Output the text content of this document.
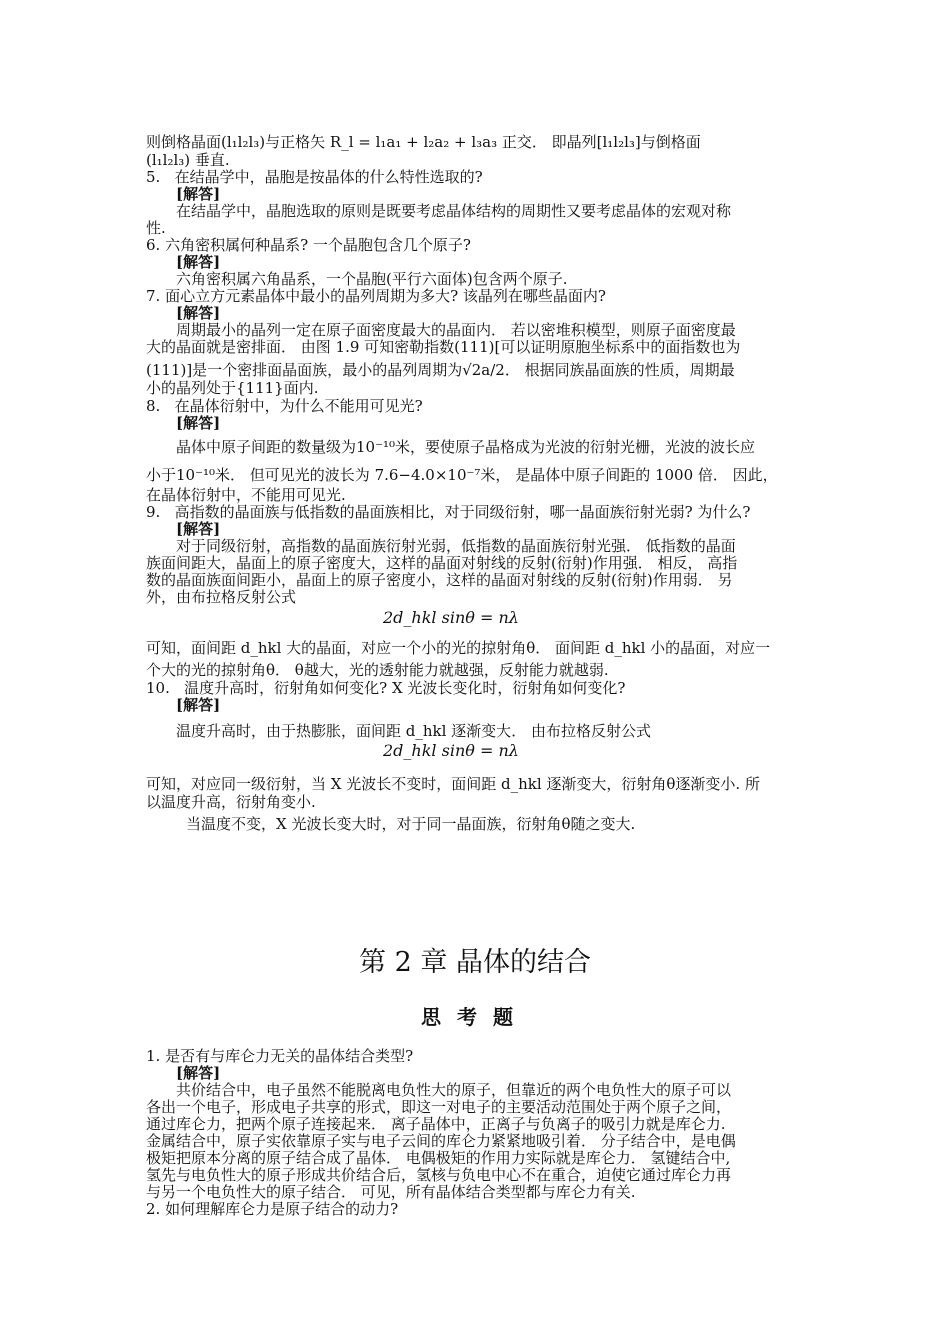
则倒格晶面(l₁l₂l₃)与正格矢 R_l = l₁a₁ + l₂a₂ + l₃a₃ 正交． 即晶列[l₁l₂l₃]与倒格面
(l₁l₂l₃) 垂直.
5.   在结晶学中，晶胞是按晶体的什么特性选取的?
[解答]
在结晶学中，晶胞选取的原则是既要考虑晶体结构的周期性又要考虑晶体的宏观对称
性.
6. 六角密积属何种晶系? 一个晶胞包含几个原子?
[解答]
六角密积属六角晶系，一个晶胞(平行六面体)包含两个原子.
7. 面心立方元素晶体中最小的晶列周期为多大? 该晶列在哪些晶面内?
[解答]
周期最小的晶列一定在原子面密度最大的晶面内． 若以密堆积模型，则原子面密度最
大的晶面就是密排面． 由图 1.9 可知密勒指数(111)[可以证明原胞坐标系中的面指数也为
(111)]是一个密排面晶面族，最小的晶列周期为√2a/2． 根据同族晶面族的性质，周期最
小的晶列处于{111}面内.
8.   在晶体衍射中，为什么不能用可见光?
[解答]
晶体中原子间距的数量级为10⁻¹⁰米，要使原子晶格成为光波的衍射光栅，光波的波长应
小于10⁻¹⁰米． 但可见光的波长为 7.6−4.0×10⁻⁷米， 是晶体中原子间距的 1000 倍． 因此，
在晶体衍射中，不能用可见光.
9.   高指数的晶面族与低指数的晶面族相比，对于同级衍射，哪一晶面族衍射光弱? 为什么?
[解答]
对于同级衍射，高指数的晶面族衍射光弱，低指数的晶面族衍射光强． 低指数的晶面
族面间距大，晶面上的原子密度大，这样的晶面对射线的反射(衍射)作用强． 相反， 高指
数的晶面族面间距小，晶面上的原子密度小，这样的晶面对射线的反射(衍射)作用弱． 另
外，由布拉格反射公式
2d_hkl sinθ = nλ
可知，面间距 d_hkl 大的晶面，对应一个小的光的掠射角θ． 面间距 d_hkl 小的晶面，对应一
个大的光的掠射角θ． θ越大，光的透射能力就越强，反射能力就越弱.
10.   温度升高时，衍射角如何变化? X 光波长变化时，衍射角如何变化?
[解答]
温度升高时，由于热膨胀，面间距 d_hkl 逐渐变大． 由布拉格反射公式
2d_hkl sinθ = nλ
可知，对应同一级衍射，当 X 光波长不变时，面间距 d_hkl 逐渐变大，衍射角θ逐渐变小. 所
以温度升高，衍射角变小.
当温度不变，X 光波长变大时，对于同一晶面族，衍射角θ随之变大.
第 2 章 晶体的结合
思考题
1. 是否有与库仑力无关的晶体结合类型?
[解答]
共价结合中，电子虽然不能脱离电负性大的原子，但靠近的两个电负性大的原子可以
各出一个电子，形成电子共享的形式，即这一对电子的主要活动范围处于两个原子之间，
通过库仑力，把两个原子连接起来． 离子晶体中，正离子与负离子的吸引力就是库仑力.
金属结合中，原子实依靠原子实与电子云间的库仑力紧紧地吸引着． 分子结合中，是电偶
极矩把原本分离的原子结合成了晶体． 电偶极矩的作用力实际就是库仑力． 氢键结合中,
氢先与电负性大的原子形成共价结合后，氢核与负电中心不在重合，迫使它通过库仑力再
与另一个电负性大的原子结合． 可见，所有晶体结合类型都与库仑力有关.
2. 如何理解库仑力是原子结合的动力?
